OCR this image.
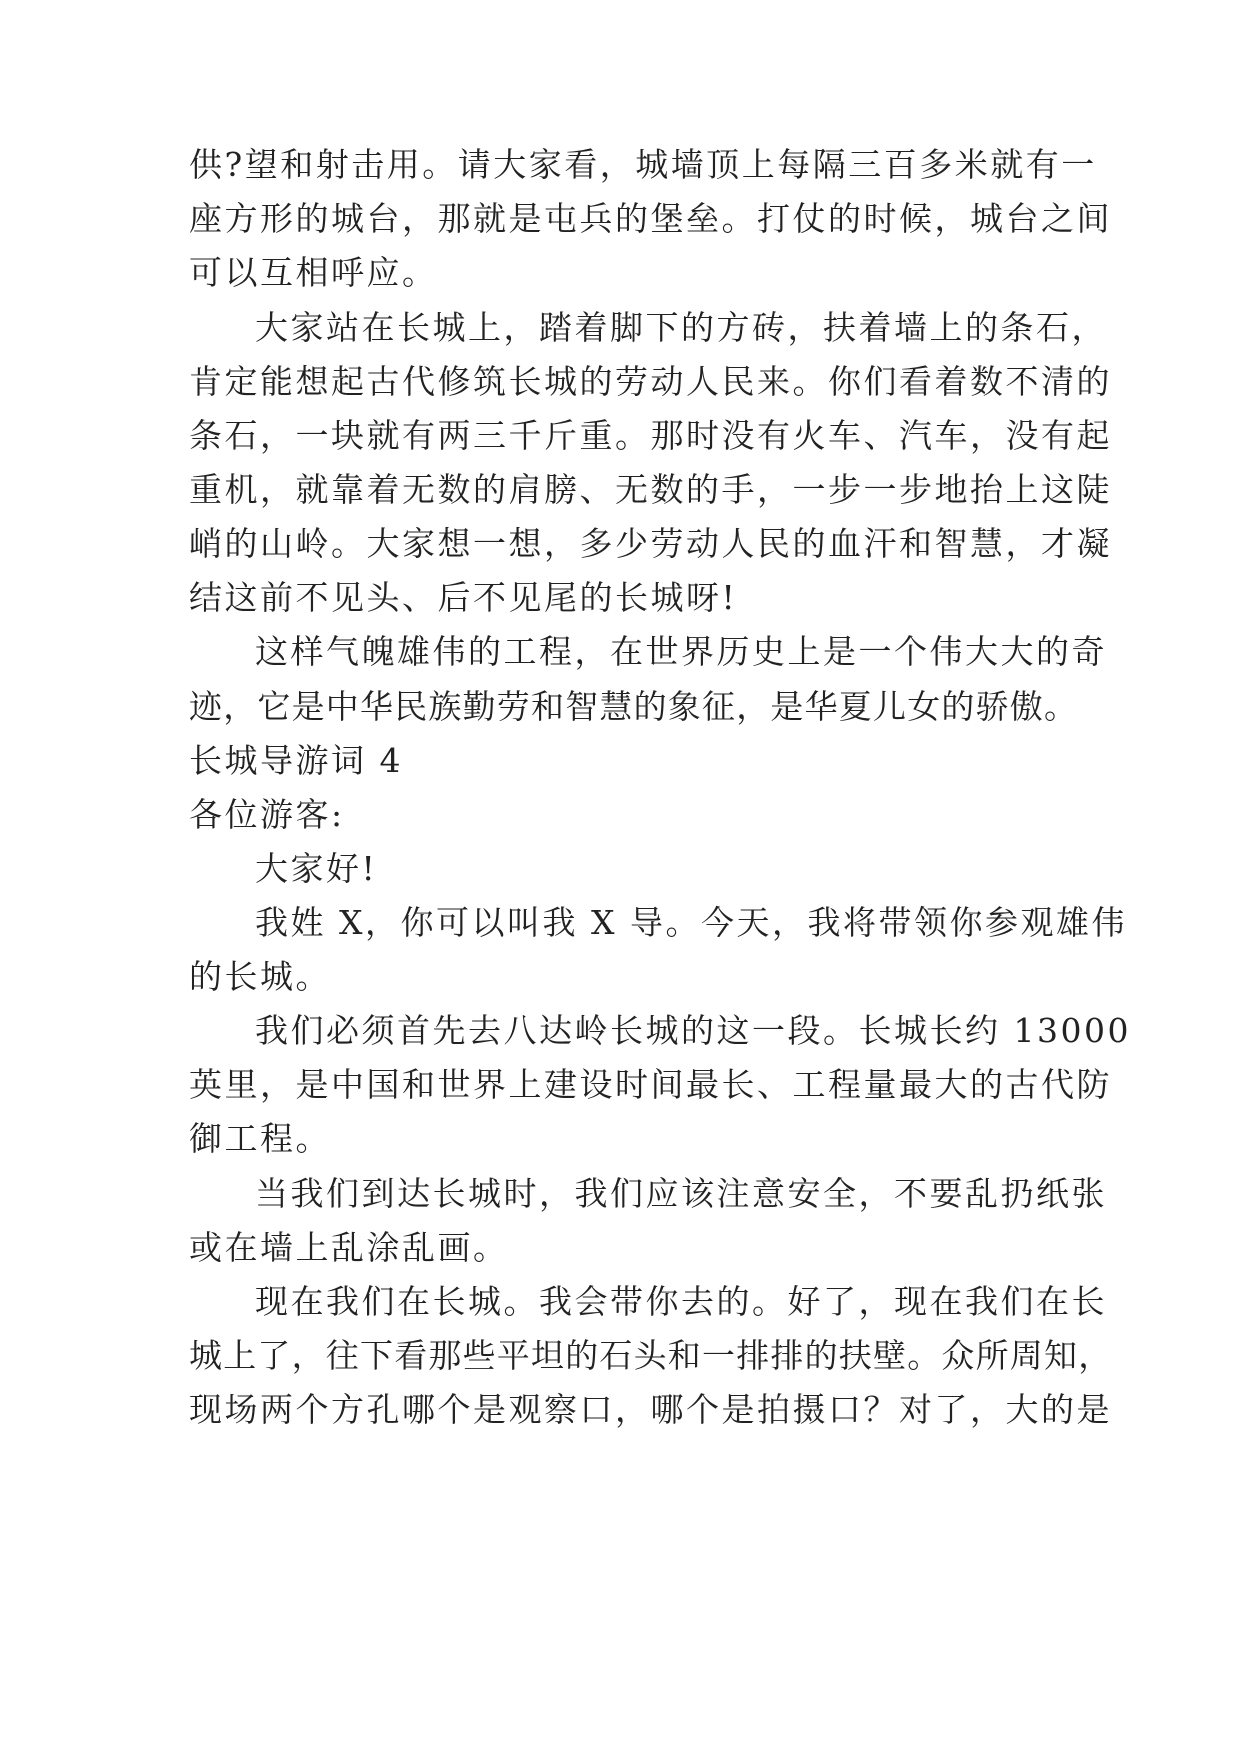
供?望和射击用。请大家看，城墙顶上每隔三百多米就有一
座方形的城台，那就是屯兵的堡垒。打仗的时候，城台之间
可以互相呼应。
大家站在长城上，踏着脚下的方砖，扶着墙上的条石，
肯定能想起古代修筑长城的劳动人民来。你们看着数不清的
条石，一块就有两三千斤重。那时没有火车、汽车，没有起
重机，就靠着无数的肩膀、无数的手，一步一步地抬上这陡
峭的山岭。大家想一想，多少劳动人民的血汗和智慧，才凝
结这前不见头、后不见尾的长城呀!
这样气魄雄伟的工程，在世界历史上是一个伟大大的奇
迹，它是中华民族勤劳和智慧的象征，是华夏儿女的骄傲。
长城导游词 4
各位游客:
大家好!
我姓 X，你可以叫我 X 导。今天，我将带领你参观雄伟
的长城。
我们必须首先去八达岭长城的这一段。长城长约 13000
英里，是中国和世界上建设时间最长、工程量最大的古代防
御工程。
当我们到达长城时，我们应该注意安全，不要乱扔纸张
或在墙上乱涂乱画。
现在我们在长城。我会带你去的。好了，现在我们在长
城上了，往下看那些平坦的石头和一排排的扶壁。众所周知，
现场两个方孔哪个是观察口，哪个是拍摄口？对了，大的是
